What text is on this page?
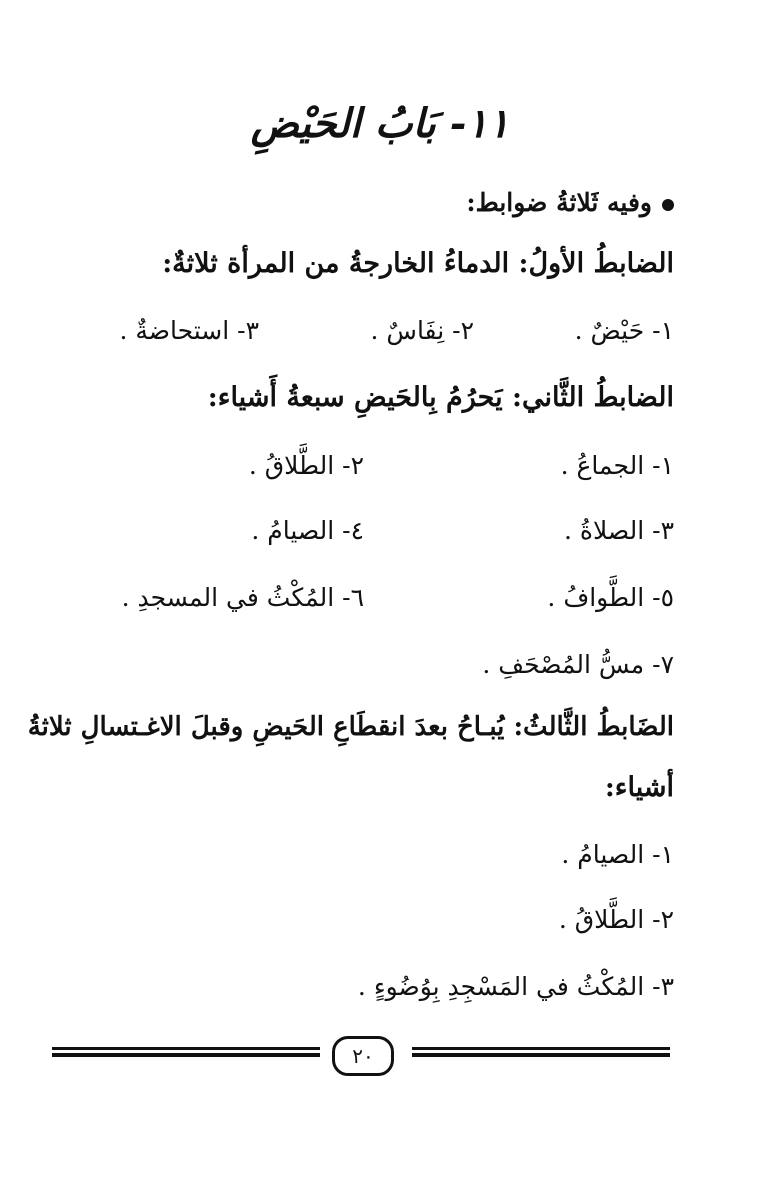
١١- بَابُ الحَيْضِ
وفيه ثَلاثةُ ضوابط:
الضابطُ الأولُ: الدماءُ الخارجةُ من المرأة ثلاثةٌ:
١- حَيْضٌ .
٢- نِفَاسٌ .
٣- استحاضةٌ .
الضابطُ الثَّاني: يَحرُمُ بِالحَيضِ سبعةُ أَشياء:
١- الجماعُ .
٢- الطَّلاقُ .
٣- الصلاةُ .
٤- الصيامُ .
٥- الطَّوافُ .
٦- المُكْثُ في المسجدِ .
٧- مسُّ المُصْحَفِ .
الضَابطُ الثَّالثُ: يُبـاحُ بعدَ انقطَاعِ الحَيضِ وقبلَ الاغـتسالِ ثلاثةُ
أشياء:
١- الصيامُ .
٢- الطَّلاقُ .
٣- المُكْثُ في المَسْجِدِ بِوُضُوءٍ .
٢٠
